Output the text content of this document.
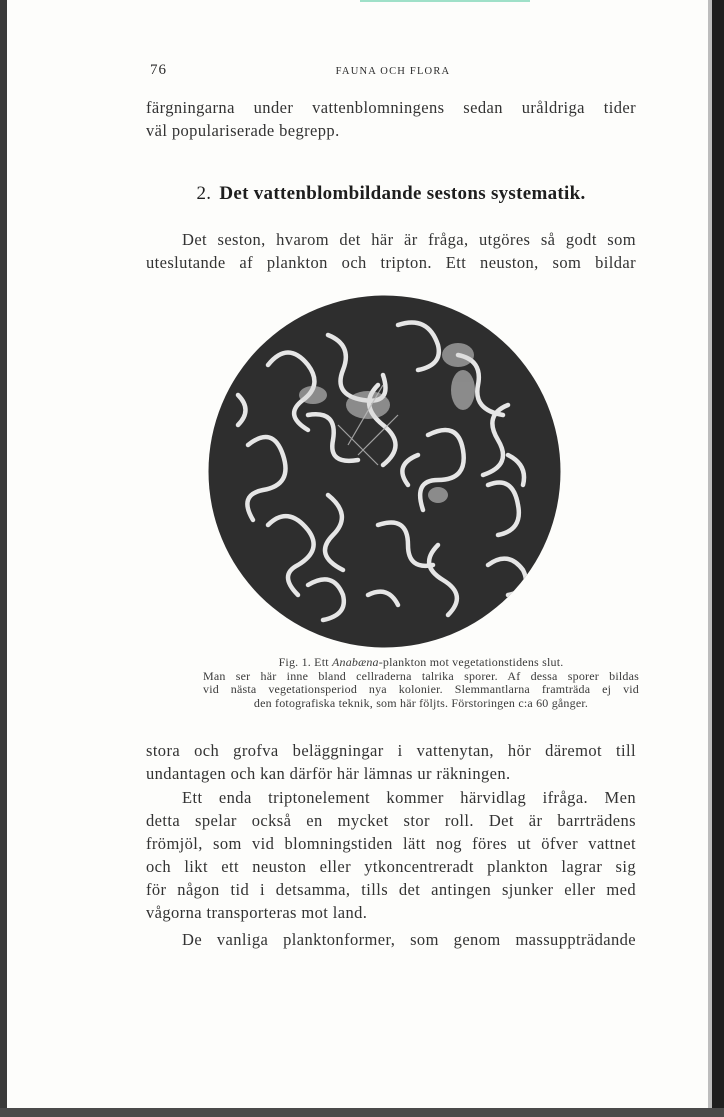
76	FAUNA OCH FLORA

färgningarna under vattenblomningens sedan uråldriga tider

väl populariserade begrepp.

2. Det vattenblombildande sestons systematik.

Det seston, hvarom det här är fråga, utgöres så godt som

uteslutande af plankton och tripton. Ett neuston, som bildar

Fig. 1. Ett Anabæna-plankton mot vegetationstidens slut.

Man ser här inne bland cellraderna talrika sporer. Af dessa sporer bildas

vid nästa vegetationsperiod nya kolonier. Slemmantlarna framträda ej vid

den fotografiska teknik, som här följts. Förstoringen c:a 60 gånger.

stora och grofva beläggningar i vattenytan, hör däremot till

undantagen och kan därför här lämnas ur räkningen.

Ett enda triptonelement kommer härvidlag ifråga. Men

detta spelar också en mycket stor roll. Det är barrträdens

frömjöl, som vid blomningstiden lätt nog föres ut öfver vattnet

och likt ett neuston eller ytkoncentreradt plankton lagrar sig

för någon tid i detsamma, tills det antingen sjunker eller med

vågorna transporteras mot land.

De vanliga planktonformer, som genom massuppträdande
